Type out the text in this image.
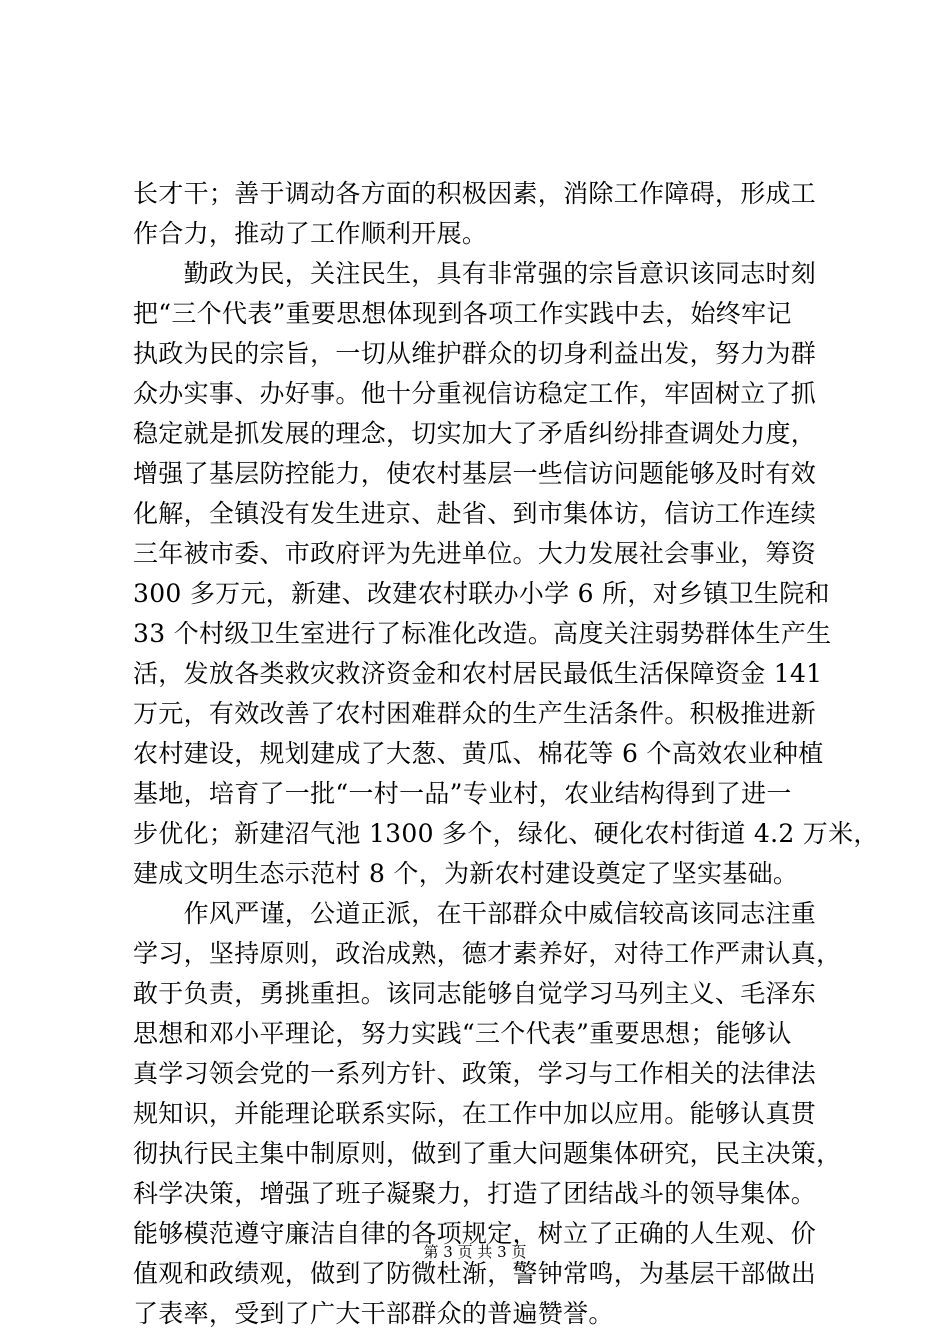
长才干；善于调动各方面的积极因素，消除工作障碍，形成工
作合力，推动了工作顺利开展。
　　勤政为民，关注民生，具有非常强的宗旨意识该同志时刻
把“三个代表”重要思想体现到各项工作实践中去，始终牢记
执政为民的宗旨，一切从维护群众的切身利益出发，努力为群
众办实事、办好事。他十分重视信访稳定工作，牢固树立了抓
稳定就是抓发展的理念，切实加大了矛盾纠纷排查调处力度，
增强了基层防控能力，使农村基层一些信访问题能够及时有效
化解，全镇没有发生进京、赴省、到市集体访，信访工作连续
三年被市委、市政府评为先进单位。大力发展社会事业，筹资
300 多万元，新建、改建农村联办小学 6 所，对乡镇卫生院和
33 个村级卫生室进行了标准化改造。高度关注弱势群体生产生
活，发放各类救灾救济资金和农村居民最低生活保障资金 141
万元，有效改善了农村困难群众的生产生活条件。积极推进新
农村建设，规划建成了大葱、黄瓜、棉花等 6 个高效农业种植
基地，培育了一批“一村一品”专业村，农业结构得到了进一
步优化；新建沼气池 1300 多个，绿化、硬化农村街道 4.2 万米，
建成文明生态示范村 8 个，为新农村建设奠定了坚实基础。
　　作风严谨，公道正派，在干部群众中威信较高该同志注重
学习，坚持原则，政治成熟，德才素养好，对待工作严肃认真，
敢于负责，勇挑重担。该同志能够自觉学习马列主义、毛泽东
思想和邓小平理论，努力实践“三个代表”重要思想；能够认
真学习领会党的一系列方针、政策，学习与工作相关的法律法
规知识，并能理论联系实际，在工作中加以应用。能够认真贯
彻执行民主集中制原则，做到了重大问题集体研究，民主决策，
科学决策，增强了班子凝聚力，打造了团结战斗的领导集体。
能够模范遵守廉洁自律的各项规定，树立了正确的人生观、价
值观和政绩观，做到了防微杜渐，警钟常鸣，为基层干部做出
了表率，受到了广大干部群众的普遍赞誉。
第 3 页 共 3 页
